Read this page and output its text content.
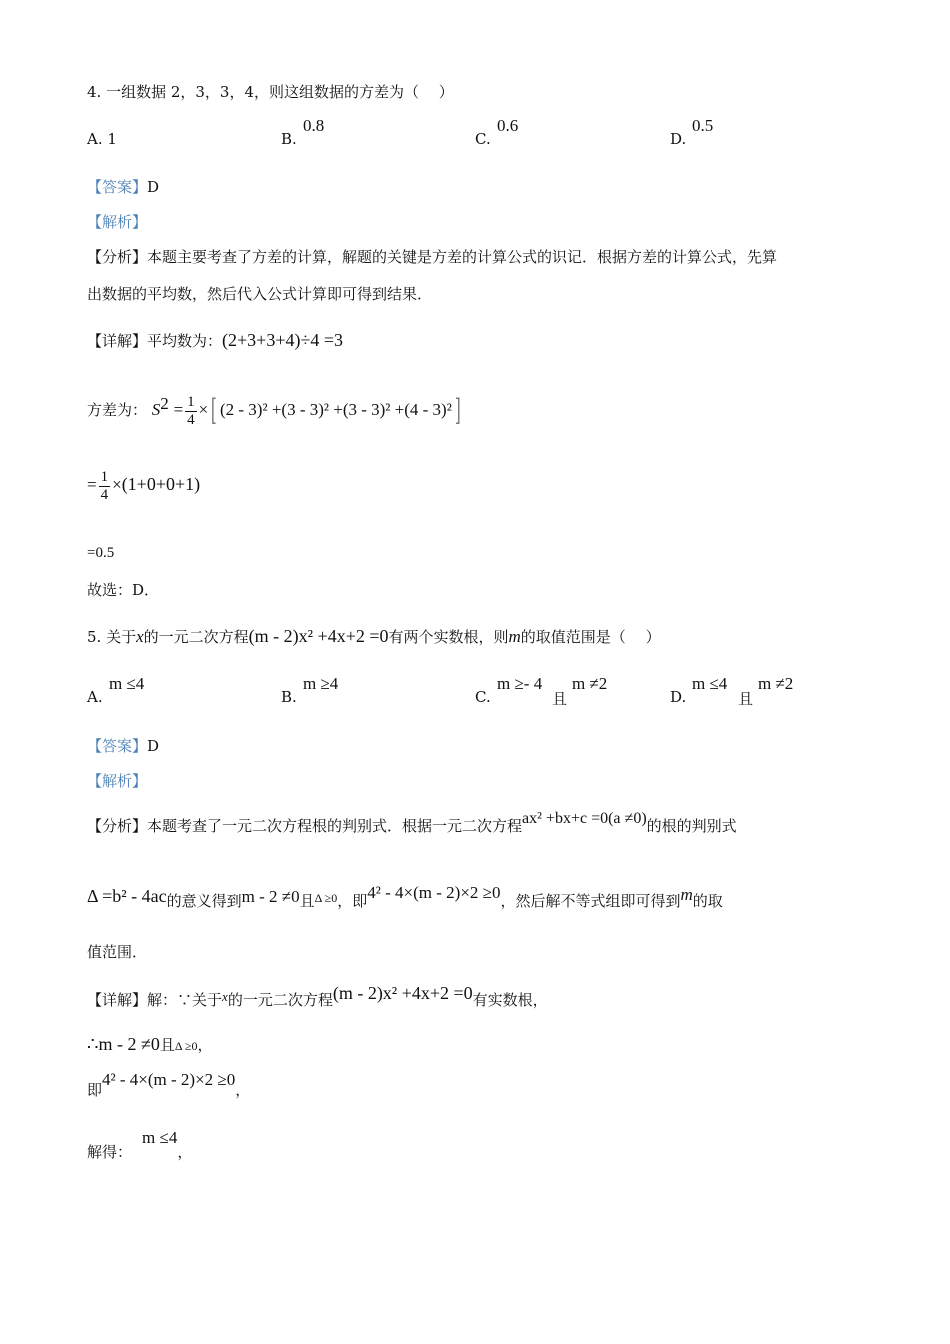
4. 一组数据 2，3，3，4，则这组数据的方差为（　 ）
A. 1	B.
0.8
C.
0.6
D.
0.5
【答案】D
【解析】
【分析】本题主要考查了方差的计算，解题的关键是方差的计算公式的识记．根据方差的计算公式，先算
出数据的平均数，然后代入公式计算即可得到结果．
【详解】平均数为：(2+3+3+4)÷4 =3
方差为： $S^2 = \frac{1}{4}$ ×[ (2 - 3)² +(3 - 3)² +(3 - 3)² +(4 - 3)²]
= $\frac{1}{4} \times(1+0+0+1)$
=0.5
故选：D．
5. 关于x的一元二次方程(m - 2)x² +4x+2 =0有两个实数根，则m的取值范围是（　 ）
A.
m ≤4
B.
m ≥4
C.
m ≥- 4
且
m ≠2
D.
m ≤4
且
m ≠2
【答案】D
【解析】
【分析】本题考查了一元二次方程根的判别式．根据一元二次方程ax² +bx+c =0(a ≠0)的根的判别式
Δ =b² - 4ac的意义得到m - 2 ≠0且$^{\Delta \ge 0}$，即4² - 4×(m - 2)×2 ≥0，然后解不等式组即可得到m的取
值范围．
【详解】解：∵关于x的一元二次方程(m - 2)x² +4x+2 =0有实数根，
∴m - 2 ≠0且Δ ≥0，
即4² - 4×(m - 2)×2 ≥0，
解得：m ≤4，
